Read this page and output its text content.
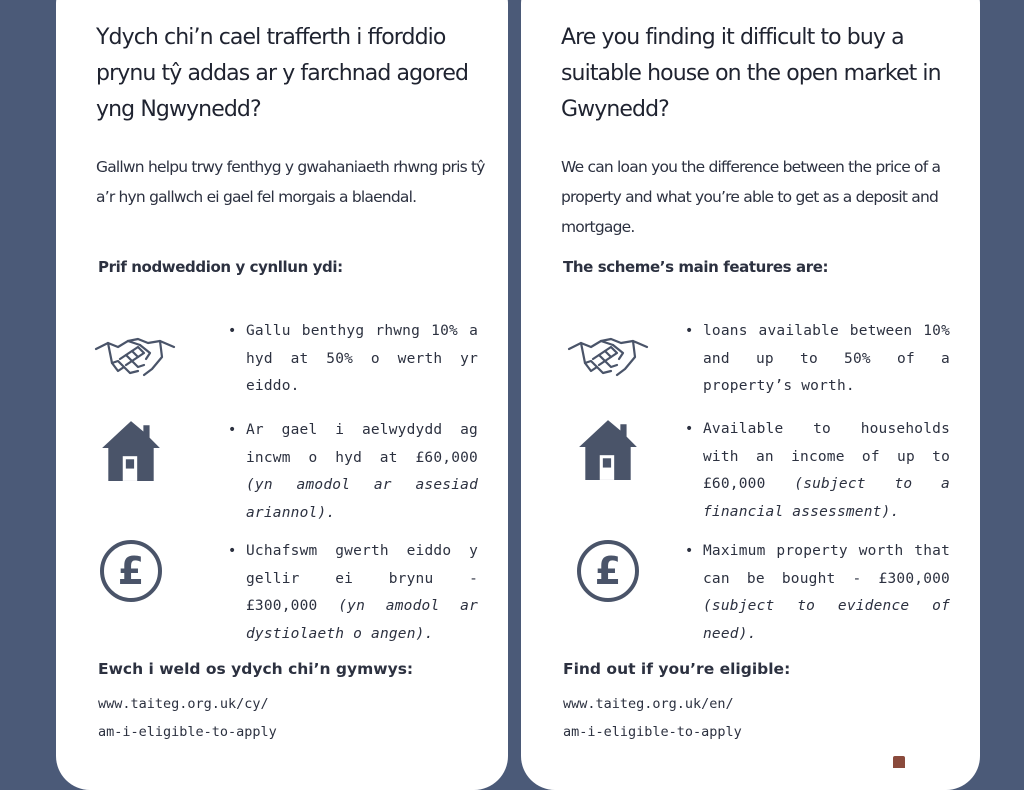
Ydych chi’n cael trafferth i fforddio prynu tŷ addas ar y farchnad agored yng Ngwynedd?

Gallwn helpu trwy fenthyg y gwahaniaeth rhwng pris tŷ a’r hyn gallwch ei gael fel morgais a blaendal.

Prif nodweddion y cynllun ydi:
• Gallu benthyg rhwng 10% a hyd at 50% o werth yr eiddo.
• Ar gael i aelwydydd ag incwm o hyd at £60,000 (yn amodol ar asesiad ariannol).
• Uchafswm gwerth eiddo y gellir ei brynu - £300,000 (yn amodol ar dystiolaeth o angen).
Ewch i weld os ydych chi’n gymwys:
www.taiteg.org.uk/cy/
am-i-eligible-to-apply
Are you finding it difficult to buy a suitable house on the open market in Gwynedd?

We can loan you the difference between the price of a property and what you’re able to get as a deposit and mortgage.

The scheme’s main features are:
• loans available between 10% and up to 50% of a property’s worth.
• Available to households with an income of up to £60,000 (subject to a financial assessment).
• Maximum property worth that can be bought - £300,000 (subject to evidence of need).
Find out if you’re eligible:
www.taiteg.org.uk/en/
am-i-eligible-to-apply
